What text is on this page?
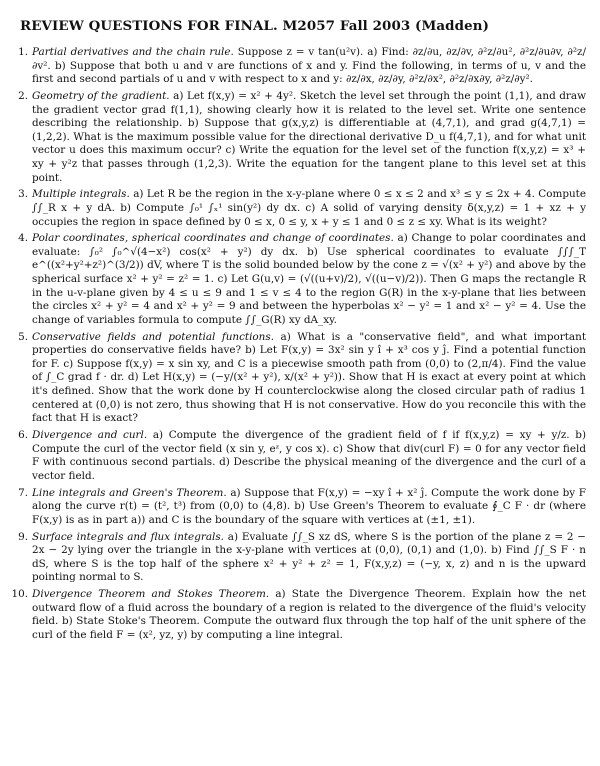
REVIEW QUESTIONS FOR FINAL. M2057 Fall 2003 (Madden)
1. Partial derivatives and the chain rule. Suppose z = v tan(u²v). a) Find: ∂z/∂u, ∂z/∂v, ∂²z/∂u², ∂²z/∂u∂v, ∂²z/∂v². b) Suppose that both u and v are functions of x and y. Find the following, in terms of u, v and the first and second partials of u and v with respect to x and y: ∂z/∂x, ∂z/∂y, ∂²z/∂x², ∂²z/∂x∂y, ∂²z/∂y².
2. Geometry of the gradient. a) Let f(x,y) = x² + 4y². Sketch the level set through the point (1,1), and draw the gradient vector grad f(1,1), showing clearly how it is related to the level set. Write one sentence describing the relationship. b) Suppose that g(x,y,z) is differentiable at (4,7,1), and grad g(4,7,1) = (1,2,2). What is the maximum possible value for the directional derivative D_u f(4,7,1), and for what unit vector u does this maximum occur? c) Write the equation for the level set of the function f(x,y,z) = x³ + xy + y²z that passes through (1,2,3). Write the equation for the tangent plane to this level set at this point.
3. Multiple integrals. a) Let R be the region in the x-y-plane where 0 ≤ x ≤ 2 and x³ ≤ y ≤ 2x + 4. Compute ∫∫_R x + y dA. b) Compute ∫₀¹ ∫ₓ¹ sin(y²) dy dx. c) A solid of varying density δ(x,y,z) = 1 + xz + y occupies the region in space defined by 0 ≤ x, 0 ≤ y, x + y ≤ 1 and 0 ≤ z ≤ xy. What is its weight?
4. Polar coordinates, spherical coordinates and change of coordinates. a) Change to polar coordinates and evaluate: ∫₀² ∫₀^√(4−x²) cos(x² + y²) dy dx. b) Use spherical coordinates to evaluate ∫∫∫_T e^((x²+y²+z²)^(3/2)) dV, where T is the solid bounded below by the cone z = √(x² + y²) and above by the spherical surface x² + y² = z² = 1. c) Let G(u,v) = (√((u+v)/2), √((u−v)/2)). Then G maps the rectangle R in the u-v-plane given by 4 ≤ u ≤ 9 and 1 ≤ v ≤ 4 to the region G(R) in the x-y-plane that lies between the circles x² + y² = 4 and x² + y² = 9 and between the hyperbolas x² − y² = 1 and x² − y² = 4. Use the change of variables formula to compute ∫∫_G(R) xy dA_xy.
5. Conservative fields and potential functions. a) What is a "conservative field", and what important properties do conservative fields have? b) Let F(x,y) = 3x² sin y î + x³ cos y ĵ. Find a potential function for F. c) Suppose f(x,y) = x sin xy, and C is a piecewise smooth path from (0,0) to (2,π/4). Find the value of ∫_C grad f · dr. d) Let H(x,y) = (−y/(x² + y²), x/(x² + y²)). Show that H is exact at every point at which it's defined. Show that the work done by H counterclockwise along the closed circular path of radius 1 centered at (0,0) is not zero, thus showing that H is not conservative. How do you reconcile this with the fact that H is exact?
6. Divergence and curl. a) Compute the divergence of the gradient field of f if f(x,y,z) = xy + y/z. b) Compute the curl of the vector field (x sin y, eᶻ, y cos x). c) Show that div(curl F) = 0 for any vector field F with continuous second partials. d) Describe the physical meaning of the divergence and the curl of a vector field.
7. Line integrals and Green's Theorem. a) Suppose that F(x,y) = −xy î + x² ĵ. Compute the work done by F along the curve r(t) = (t², t³) from (0,0) to (4,8). b) Use Green's Theorem to evaluate ∮_C F · dr (where F(x,y) is as in part a)) and C is the boundary of the square with vertices at (±1, ±1).
9. Surface integrals and flux integrals. a) Evaluate ∫∫_S xz dS, where S is the portion of the plane z = 2 − 2x − 2y lying over the triangle in the x-y-plane with vertices at (0,0), (0,1) and (1,0). b) Find ∫∫_S F · n dS, where S is the top half of the sphere x² + y² + z² = 1, F(x,y,z) = (−y, x, z) and n is the upward pointing normal to S.
10. Divergence Theorem and Stokes Theorem. a) State the Divergence Theorem. Explain how the net outward flow of a fluid across the boundary of a region is related to the divergence of the fluid's velocity field. b) State Stoke's Theorem. Compute the outward flux through the top half of the unit sphere of the curl of the field F = (x², yz, y) by computing a line integral.
